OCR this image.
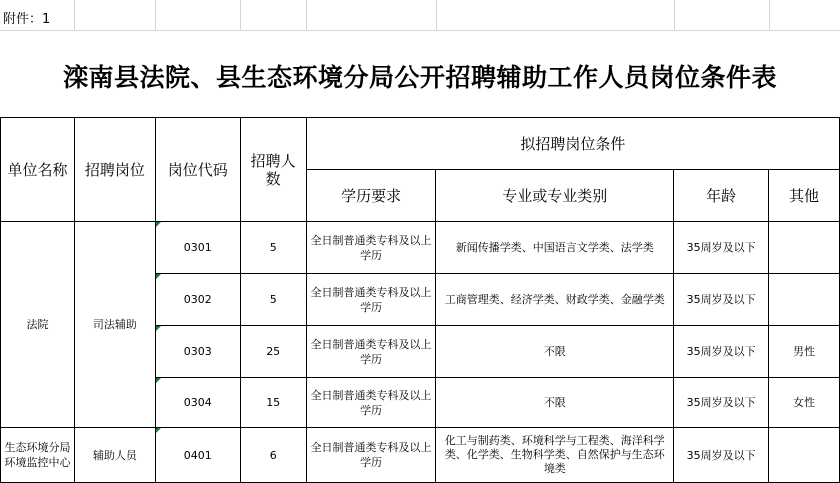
附件：1
滦南县法院、县生态环境分局公开招聘辅助工作人员岗位条件表
单位名称	招聘岗位	岗位代码	招聘人数	拟招聘岗位条件			
				学历要求	专业或专业类别	年龄	其他
法院	司法辅助	0301	5	全日制普通类专科及以上学历	新闻传播学类、中国语言文学类、法学类	35周岁及以下	

0302	5	全日制普通类专科及以上学历	工商管理类、经济学类、财政学类、金融学类	35周岁及以下	

0303	25	全日制普通类专科及以上学历	不限	35周岁及以下	男性

0304	15	全日制普通类专科及以上学历	不限	35周岁及以下	女性
生态环境分局环境监控中心	辅助人员	0401	6	全日制普通类专科及以上学历	化工与制药类、环境科学与工程类、海洋科学类、化学类、生物科学类、自然保护与生态环境类	35周岁及以下	
